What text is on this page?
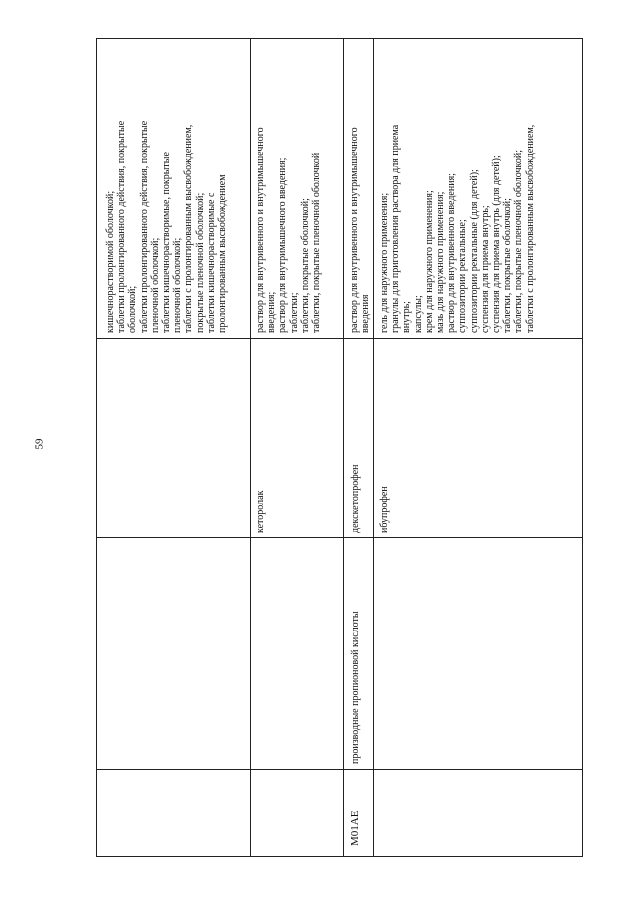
59
кишечнорастворимой оболочкой; таблетки пролонгированного действия, покрытые оболочкой; таблетки пролонгированного действия, покрытые пленочной оболочкой; таблетки кишечнорастворимые, покрытые пленочной оболочкой; таблетки с пролонгированным высвобождением, покрытые пленочной оболочкой; таблетки кишечнорастворимые с пролонгированным высвобождением
кеторолак
раствор для внутривенного и внутримышечного введения; раствор для внутримышечного введения; таблетки; таблетки, покрытые оболочкой; таблетки, покрытые пленочной оболочкой
M01AE
производные пропионовой кислоты
декскетопрофен
раствор для внутривенного и внутримышечного введения
ибупрофен
гель для наружного применения; гранулы для приготовления раствора для приема внутрь; капсулы; крем для наружного применения; мазь для наружного применения; раствор для внутривенного введения; суппозитории ректальные; суппозитории ректальные (для детей); суспензия для приема внутрь; суспензия для приема внутрь (для детей); таблетки, покрытые оболочкой; таблетки, покрытые пленочной оболочкой; таблетки с пролонгированным высвобождением,
